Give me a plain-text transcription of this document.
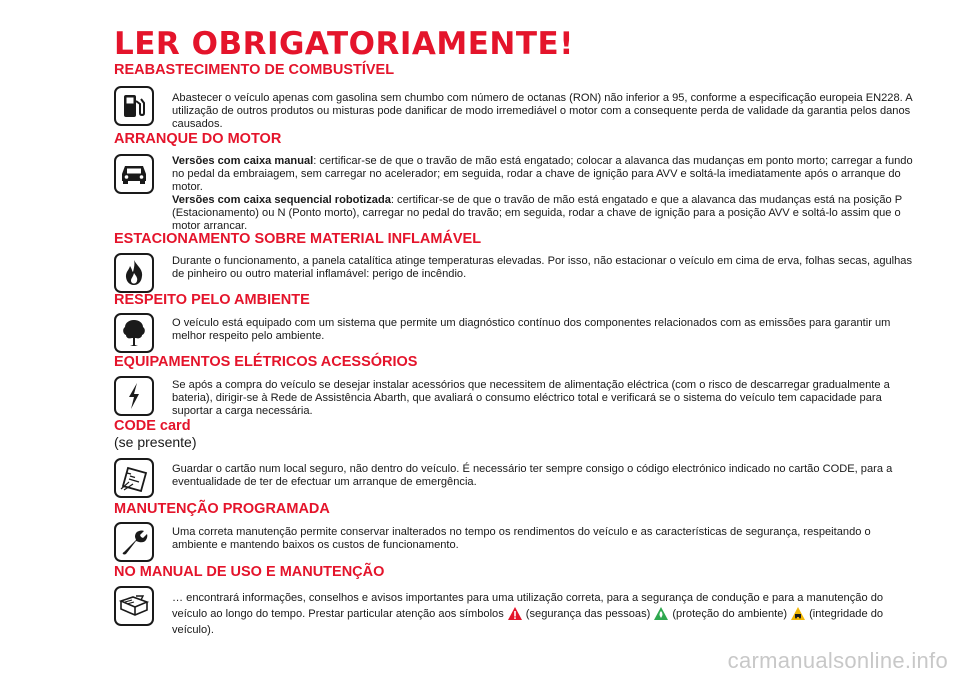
LER OBRIGATORIAMENTE!
REABASTECIMENTO DE COMBUSTÍVEL

Abastecer o veículo apenas com gasolina sem chumbo com número de octanas (RON) não inferior a 95, conforme a especificação europeia EN228. A utilização de outros produtos ou misturas pode danificar de modo irremediável o motor com a consequente perda de validade da garantia pelos danos causados.

ARRANQUE DO MOTOR

Versões com caixa manual: certificar-se de que o travão de mão está engatado; colocar a alavanca das mudanças em ponto morto; carregar a fundo no pedal da embraiagem, sem carregar no acelerador; em seguida, rodar a chave de ignição para AVV e soltá-la imediatamente após o arranque do motor.
Versões com caixa sequencial robotizada: certificar-se de que o travão de mão está engatado e que a alavanca das mudanças está na posição P (Estacionamento) ou N (Ponto morto), carregar no pedal do travão; em seguida, rodar a chave de ignição para a posição AVV e soltá-lo assim que o motor arrancar.

ESTACIONAMENTO SOBRE MATERIAL INFLAMÁVEL

Durante o funcionamento, a panela catalítica atinge temperaturas elevadas. Por isso, não estacionar o veículo em cima de erva, folhas secas, agulhas de pinheiro ou outro material inflamável: perigo de incêndio.

RESPEITO PELO AMBIENTE

O veículo está equipado com um sistema que permite um diagnóstico contínuo dos componentes relacionados com as emissões para garantir um melhor respeito pelo ambiente.

EQUIPAMENTOS ELÉTRICOS ACESSÓRIOS

Se após a compra do veículo se desejar instalar acessórios que necessitem de alimentação eléctrica (com o risco de descarregar gradualmente a bateria), dirigir-se à Rede de Assistência Abarth, que avaliará o consumo eléctrico total e verificará se o sistema do veículo tem capacidade para suportar a carga necessária.

CODE card

(se presente)

Guardar o cartão num local seguro, não dentro do veículo. É necessário ter sempre consigo o código electrónico indicado no cartão CODE, para a eventualidade de ter de efectuar um arranque de emergência.

MANUTENÇÃO PROGRAMADA

Uma correta manutenção permite conservar inalterados no tempo os rendimentos do veículo e as características de segurança, respeitando o ambiente e mantendo baixos os custos de funcionamento.

NO MANUAL DE USO E MANUTENÇÃO

… encontrará informações, conselhos e avisos importantes para uma utilização correta, para a segurança de condução e para a manutenção do veículo ao longo do tempo. Prestar particular atenção aos símbolos (segurança das pessoas) (proteção do ambiente) (integridade do veículo).

carmanualsonline.info
